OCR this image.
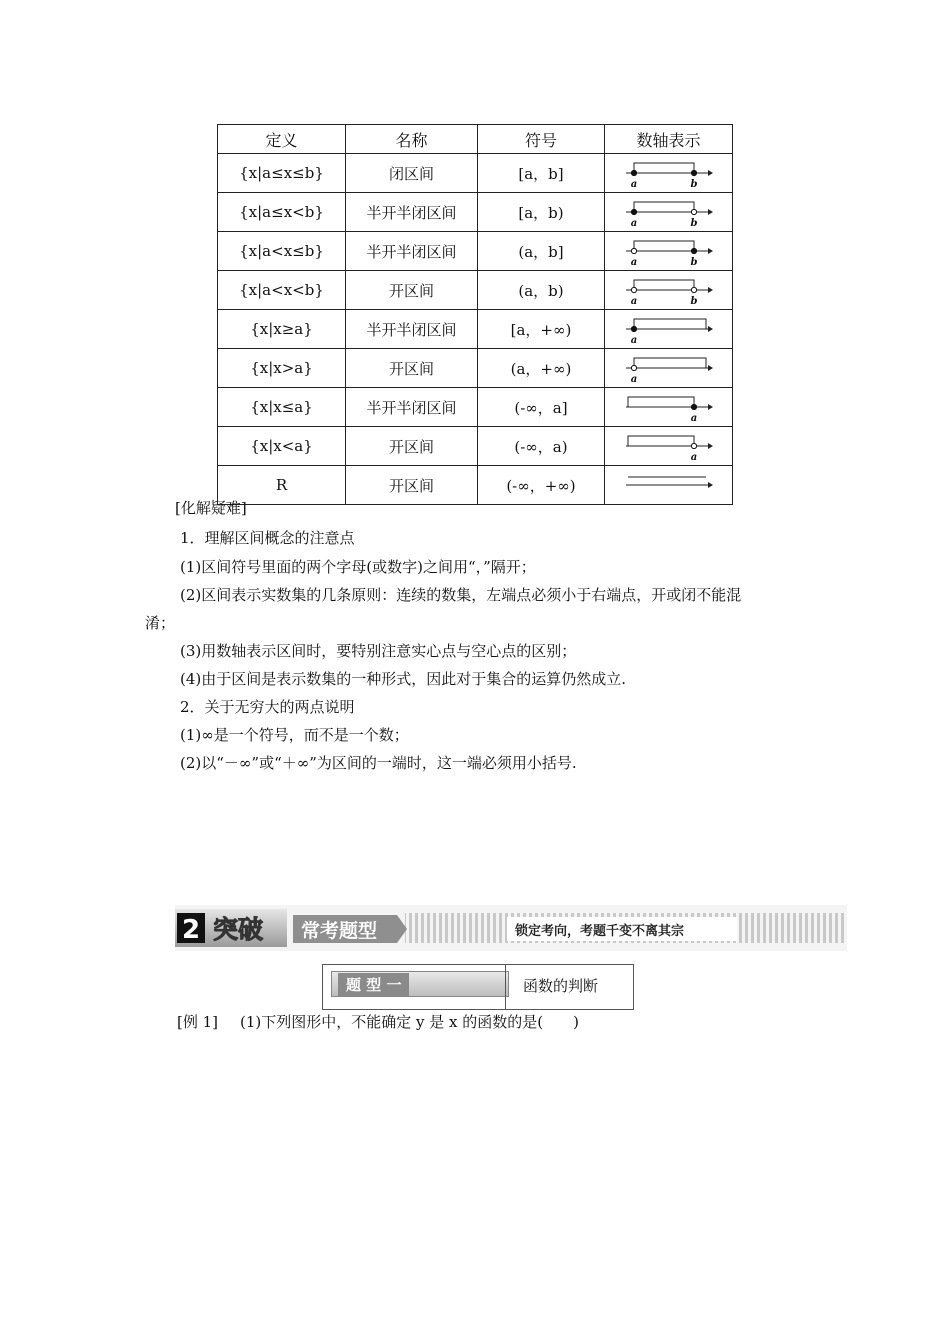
定义	名称	符号	数轴表示
{x|a≤x≤b}	闭区间	[a，b]	a b

{x|a≤x<b}	半开半闭区间	[a，b)	a b

{x|a<x≤b}	半开半闭区间	(a，b]	a b

{x|a<x<b}	开区间	(a，b)	a b

{x|x≥a}	半开半闭区间	[a，+∞)	a

{x|x>a}	开区间	(a，+∞)	a

{x|x≤a}	半开半闭区间	(-∞，a]	a

{x|x<a}	开区间	(-∞，a)	a

R	开区间	(-∞，+∞)	
[化解疑难]
1．理解区间概念的注意点
(1)区间符号里面的两个字母(或数字)之间用“，”隔开；
(2)区间表示实数集的几条原则：连续的数集，左端点必须小于右端点，开或闭不能混
淆；
(3)用数轴表示区间时，要特别注意实心点与空心点的区别；
(4)由于区间是表示数集的一种形式，因此对于集合的运算仍然成立.
2．关于无穷大的两点说明
(1)∞是一个符号，而不是一个数；
(2)以“－∞”或“＋∞”为区间的一端时，这一端必须用小括号.
2 突破 常考题型	锁定考向，考题千变不离其宗
题 型 一	函数的判断
[例 1] (1)下列图形中，不能确定 y 是 x 的函数的是(　　)
